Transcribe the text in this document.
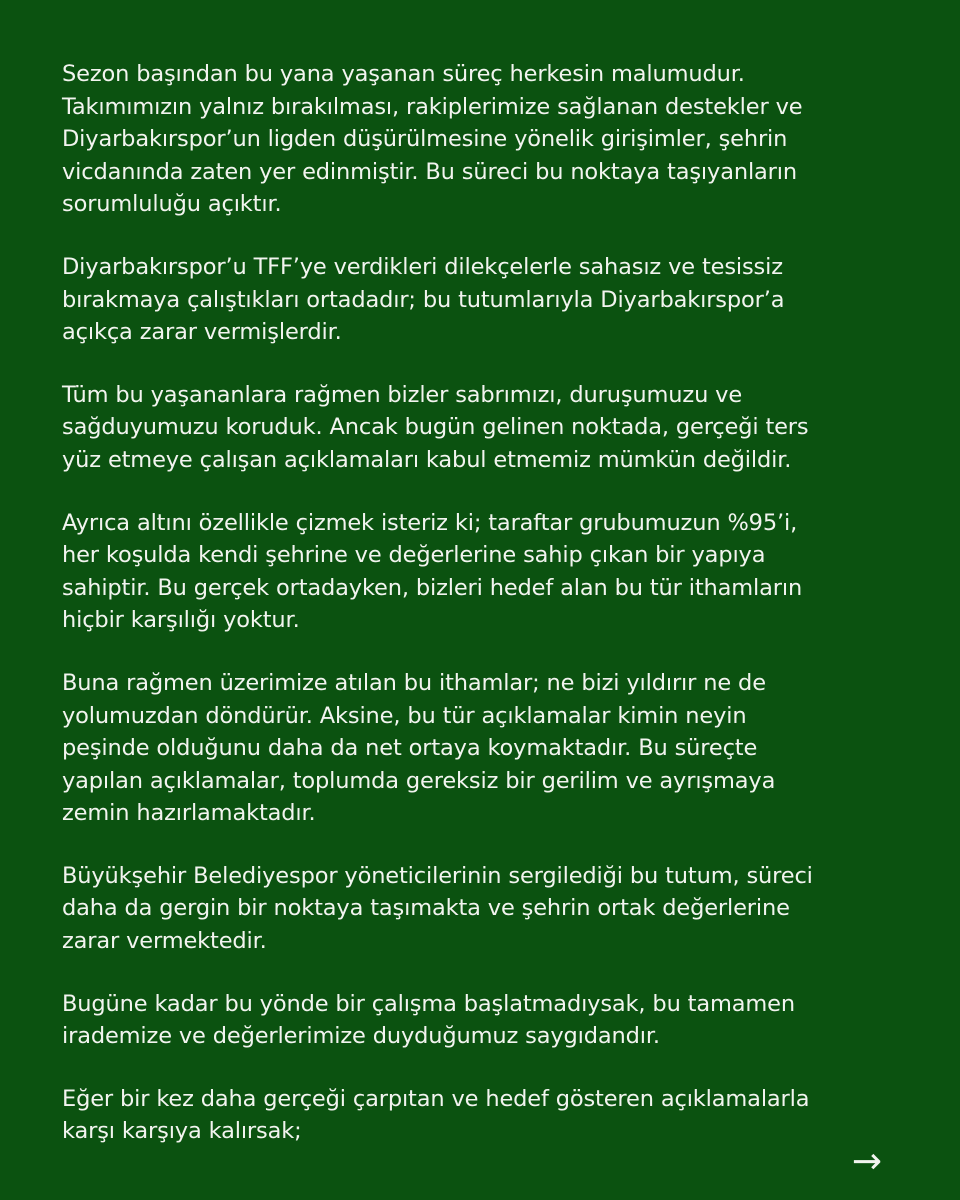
Sezon başından bu yana yaşanan süreç herkesin malumudur.
Takımımızın yalnız bırakılması, rakiplerimize sağlanan destekler ve
Diyarbakırspor’un ligden düşürülmesine yönelik girişimler, şehrin
vicdanında zaten yer edinmiştir. Bu süreci bu noktaya taşıyanların
sorumluluğu açıktır.

Diyarbakırspor’u TFF’ye verdikleri dilekçelerle sahasız ve tesissiz
bırakmaya çalıştıkları ortadadır; bu tutumlarıyla Diyarbakırspor’a
açıkça zarar vermişlerdir.

Tüm bu yaşananlara rağmen bizler sabrımızı, duruşumuzu ve
sağduyumuzu koruduk. Ancak bugün gelinen noktada, gerçeği ters
yüz etmeye çalışan açıklamaları kabul etmemiz mümkün değildir.

Ayrıca altını özellikle çizmek isteriz ki; taraftar grubumuzun %95’i,
her koşulda kendi şehrine ve değerlerine sahip çıkan bir yapıya
sahiptir. Bu gerçek ortadayken, bizleri hedef alan bu tür ithamların
hiçbir karşılığı yoktur.

Buna rağmen üzerimize atılan bu ithamlar; ne bizi yıldırır ne de
yolumuzdan döndürür. Aksine, bu tür açıklamalar kimin neyin
peşinde olduğunu daha da net ortaya koymaktadır. Bu süreçte
yapılan açıklamalar, toplumda gereksiz bir gerilim ve ayrışmaya
zemin hazırlamaktadır.

Büyükşehir Belediyespor yöneticilerinin sergilediği bu tutum, süreci
daha da gergin bir noktaya taşımakta ve şehrin ortak değerlerine
zarar vermektedir.

Bugüne kadar bu yönde bir çalışma başlatmadıysak, bu tamamen
irademize ve değerlerimize duyduğumuz saygıdandır.

Eğer bir kez daha gerçeği çarpıtan ve hedef gösteren açıklamalarla
karşı karşıya kalırsak;

→
